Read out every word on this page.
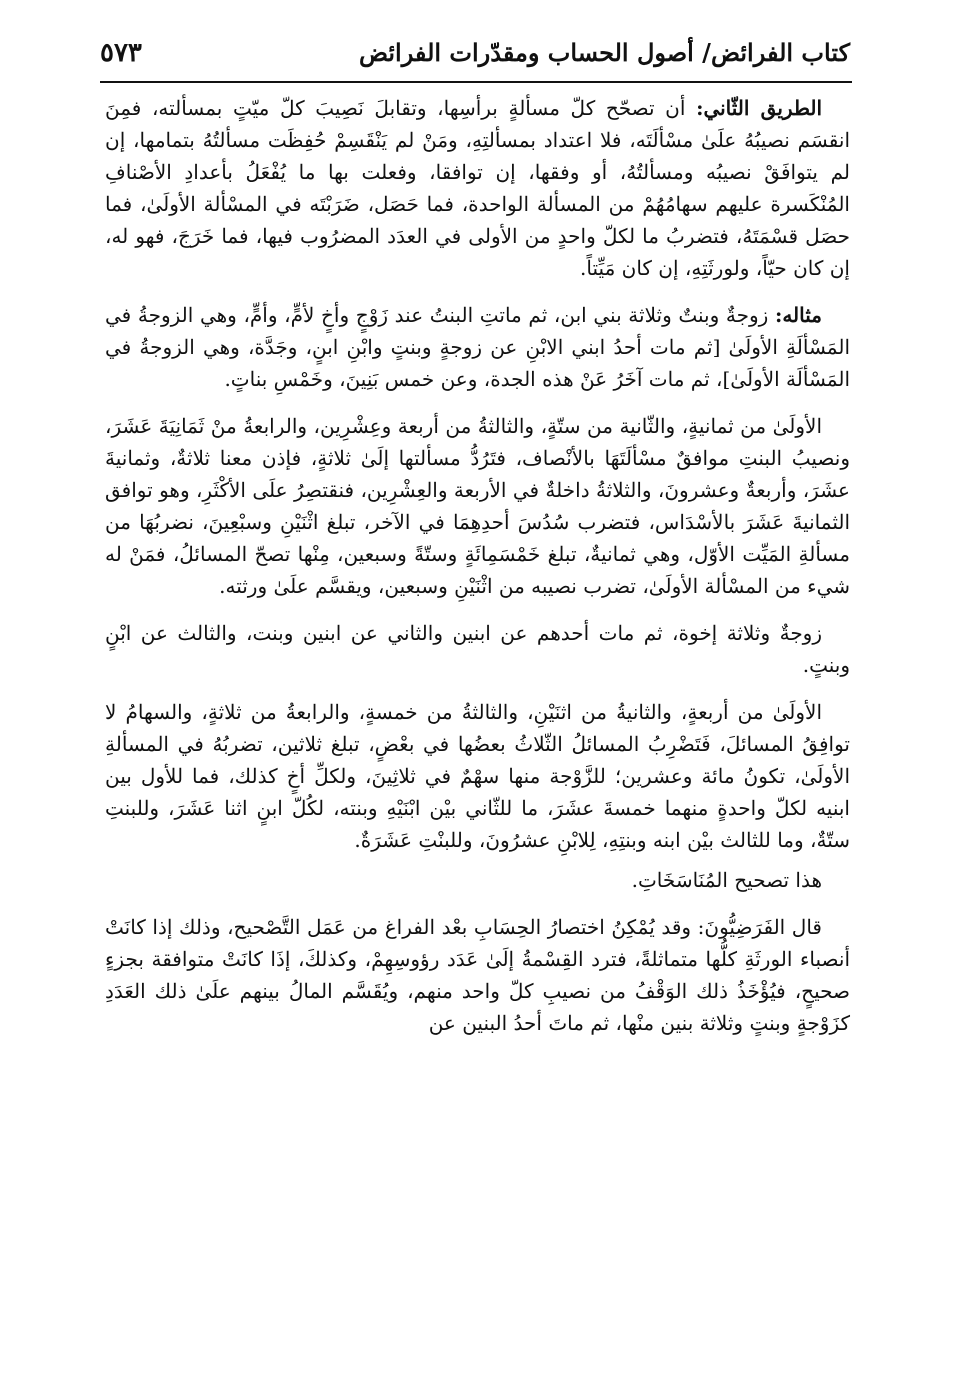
كتاب الفرائض/ أصول الحساب ومقدّرات الفرائض
٥٧٣

الطريق الثّاني: أن تصحّح كلّ مسألةٍ برأسِها، وتقابلَ نَصِيبَ كلّ ميّتٍ بمسألته، فمِنَ انقسَم نصيبُهُ علَىٰ مسْألَتَه، فلا اعتداد بمسألتِهِ، ومَنْ لم يَنْقَسِمْ حُفِظَت مسألتُهُ بتمامها، إن لم يتوافَقْ نصيبُه ومسألتُهُ، أو وفقها، إن توافقا، وفعلت بها ما يُفْعَلُ بأعدادِ الأصْنافِ المُنْكَسرة عليهم سهامُهُمْ من المسألة الواحدة، فما حَصَل، ضَرَبْتَه في المسْألة الأولَىٰ، فما حصَل قسْمَتَهُ، فتضربُ ما لكلّ واحدٍ من الأولى في العدَد المضرُوب فيها، فما خَرَجَ، فهو له، إن كان حيّاً، ولورثَتِهِ، إن كان مَيِّتاً.

مثاله: زوجةٌ وبنتٌ وثلاثة بني ابن، ثم ماتتِ البنتُ عند زَوْجٍ وأخٍ لأمٍّ، وأمٍّ، وهي الزوجةُ في المَسْألَةِ الأولَىٰ [ثم مات أحدُ ابني الابْنِ عن زوجةٍ وبنتٍ وابْنِ ابنٍ، وجَدَّة، وهي الزوجةُ في المَسْألَة الأولَىٰ]، ثم مات آخَرُ عَنْ هذه الجدة، وعن خمس بَنِينَ، وخَمْسِ بناتٍ.

الأولَىٰ من ثمانيةٍ، والثّانية من ستّةٍ، والثالثةُ من أربعة وعِشْرِين، والرابعةُ منْ ثَمَانِيَةَ عَشَرَ، ونصيبُ البنتِ موافقٌ مسْألَتَهَا بالأنْصاف، فتَرُدُّ مسألتها إلَىٰ ثلاثةٍ، فإذن معنا ثلاثةٌ، وثمانيةَ عشَرَ، وأربعةٌ وعشرونَ، والثلاثةُ داخلةٌ في الأربعة والعِشْرِين، فنقتصِرُ علَى الأكْثَرِ، وهو توافق الثمانيةَ عَشَرَ بالأسْدَاس، فتضرب سُدُسَ أحدِهِمَا في الآخر، تبلغ اثْنَيْنِ وسبْعِينَ، نضربُهَا من مسألةِ المَيِّت الأوّل، وهي ثمانيةٌ، تبلغ خَمْسَمِائَةٍ وستّةً وسبعين، مِنْها تصحّ المسائلُ، فمَنْ له شيء من المسْألة الأولَىٰ، تضرب نصيبه من اثْنَيْنِ وسبعين، ويقسَّم علَىٰ ورثته.

زوجةٌ وثلاثة إخوة، ثم مات أحدهم عن ابنين والثاني عن ابنين وبنت، والثالث عن ابْنٍ وبنتٍ.

الأولَىٰ من أربعةٍ، والثانيةُ من اثنَيْنِ، والثالثةُ من خمسةٍ، والرابعةُ من ثلاثةٍ، والسهامُ لا توافِقُ المسائلَ، فَتَضْرِبُ المسائلُ الثّلاثُ بعضُها في بعْضٍ، تبلغ ثلاثين، تضربُهُ في المسألةِ الأولَىٰ، تكونُ مائة وعشرين؛ للزَّوْجة منها سهْمٌ في ثلاثِينَ، ولكلِّ أخٍ كذلك، فما للأول بين ابنيه لكلّ واحدةٍ منهما خمسةَ عشَرَ، ما للثّاني بيْن ابْنَيْهِ وبنته، لكُلّ ابنٍ اثنا عَشَرَ، وللبنتِ ستّةٌ، وما للثالث بيْن ابنه وبنتِهِ، لِلابْنِ عشرُونَ، وللبنْتِ عَشَرَةٌ.

هذا تصحيح المُنَاسَخَاتِ.

قال الفَرَضِيُّونَ: وقد يُمْكِنُ اختصارُ الحِسَابِ بعْد الفراغ من عَمَل التَّصْحيح، وذلك إذا كانَتْ أنصباء الورثَةِ كلُّها متماثلةً، فترد القِسْمةُ إلَىٰ عَدَد رؤوسِهِمْ، وكذلكَ، إذَا كانَتْ متوافقة بجزءٍ صحيحٍ، فيُؤْخَذُ ذلك الوَقْفُ من نصيبِ كلّ واحد منهم، ويُقَسَّم المالُ بينهم علَىٰ ذلك العَدَدِ كزَوْجةٍ وبنتٍ وثلاثة بنين منْها، ثم ماتَ أحدُ البنين عن
